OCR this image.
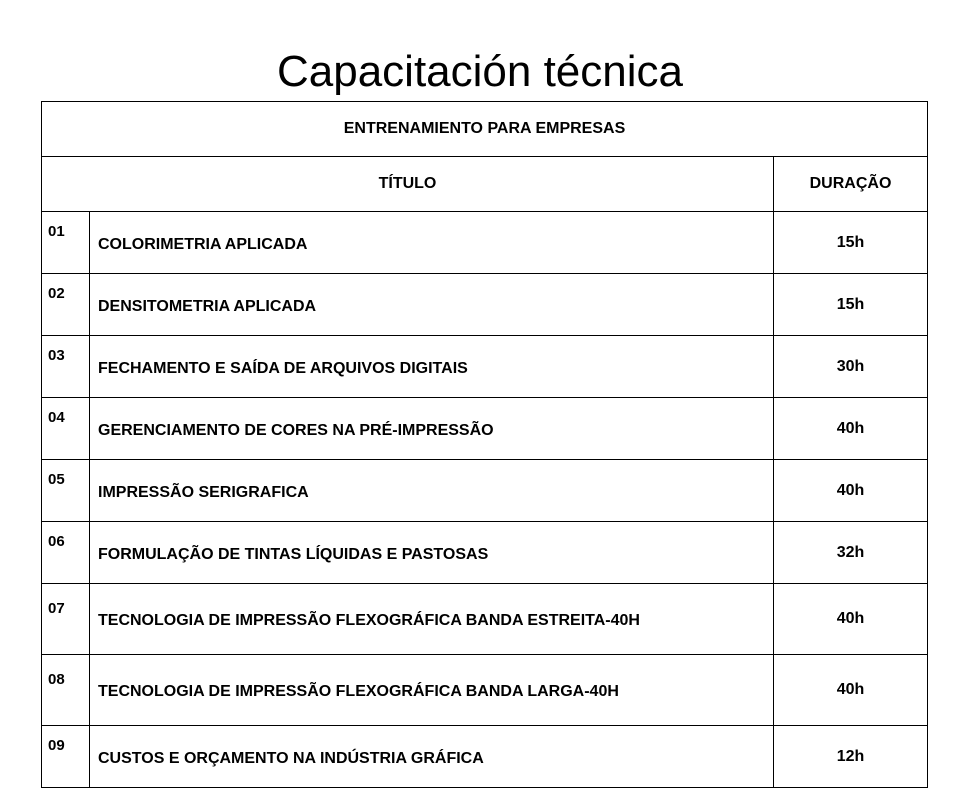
Capacitación técnica
ENTRENAMIENTO PARA EMPRESAS		
TÍTULO		DURAÇÃO
01	COLORIMETRIA APLICADA	15h
02	DENSITOMETRIA APLICADA	15h
03	FECHAMENTO E SAÍDA DE ARQUIVOS DIGITAIS	30h
04	GERENCIAMENTO DE CORES NA PRÉ-IMPRESSÃO	40h
05	IMPRESSÃO SERIGRAFICA	40h
06	FORMULAÇÃO DE TINTAS LÍQUIDAS E PASTOSAS	32h
07	TECNOLOGIA DE IMPRESSÃO FLEXOGRÁFICA BANDA ESTREITA-40H	40h
08	TECNOLOGIA DE IMPRESSÃO FLEXOGRÁFICA BANDA LARGA-40H	40h
09	CUSTOS E ORÇAMENTO NA INDÚSTRIA GRÁFICA	12h
